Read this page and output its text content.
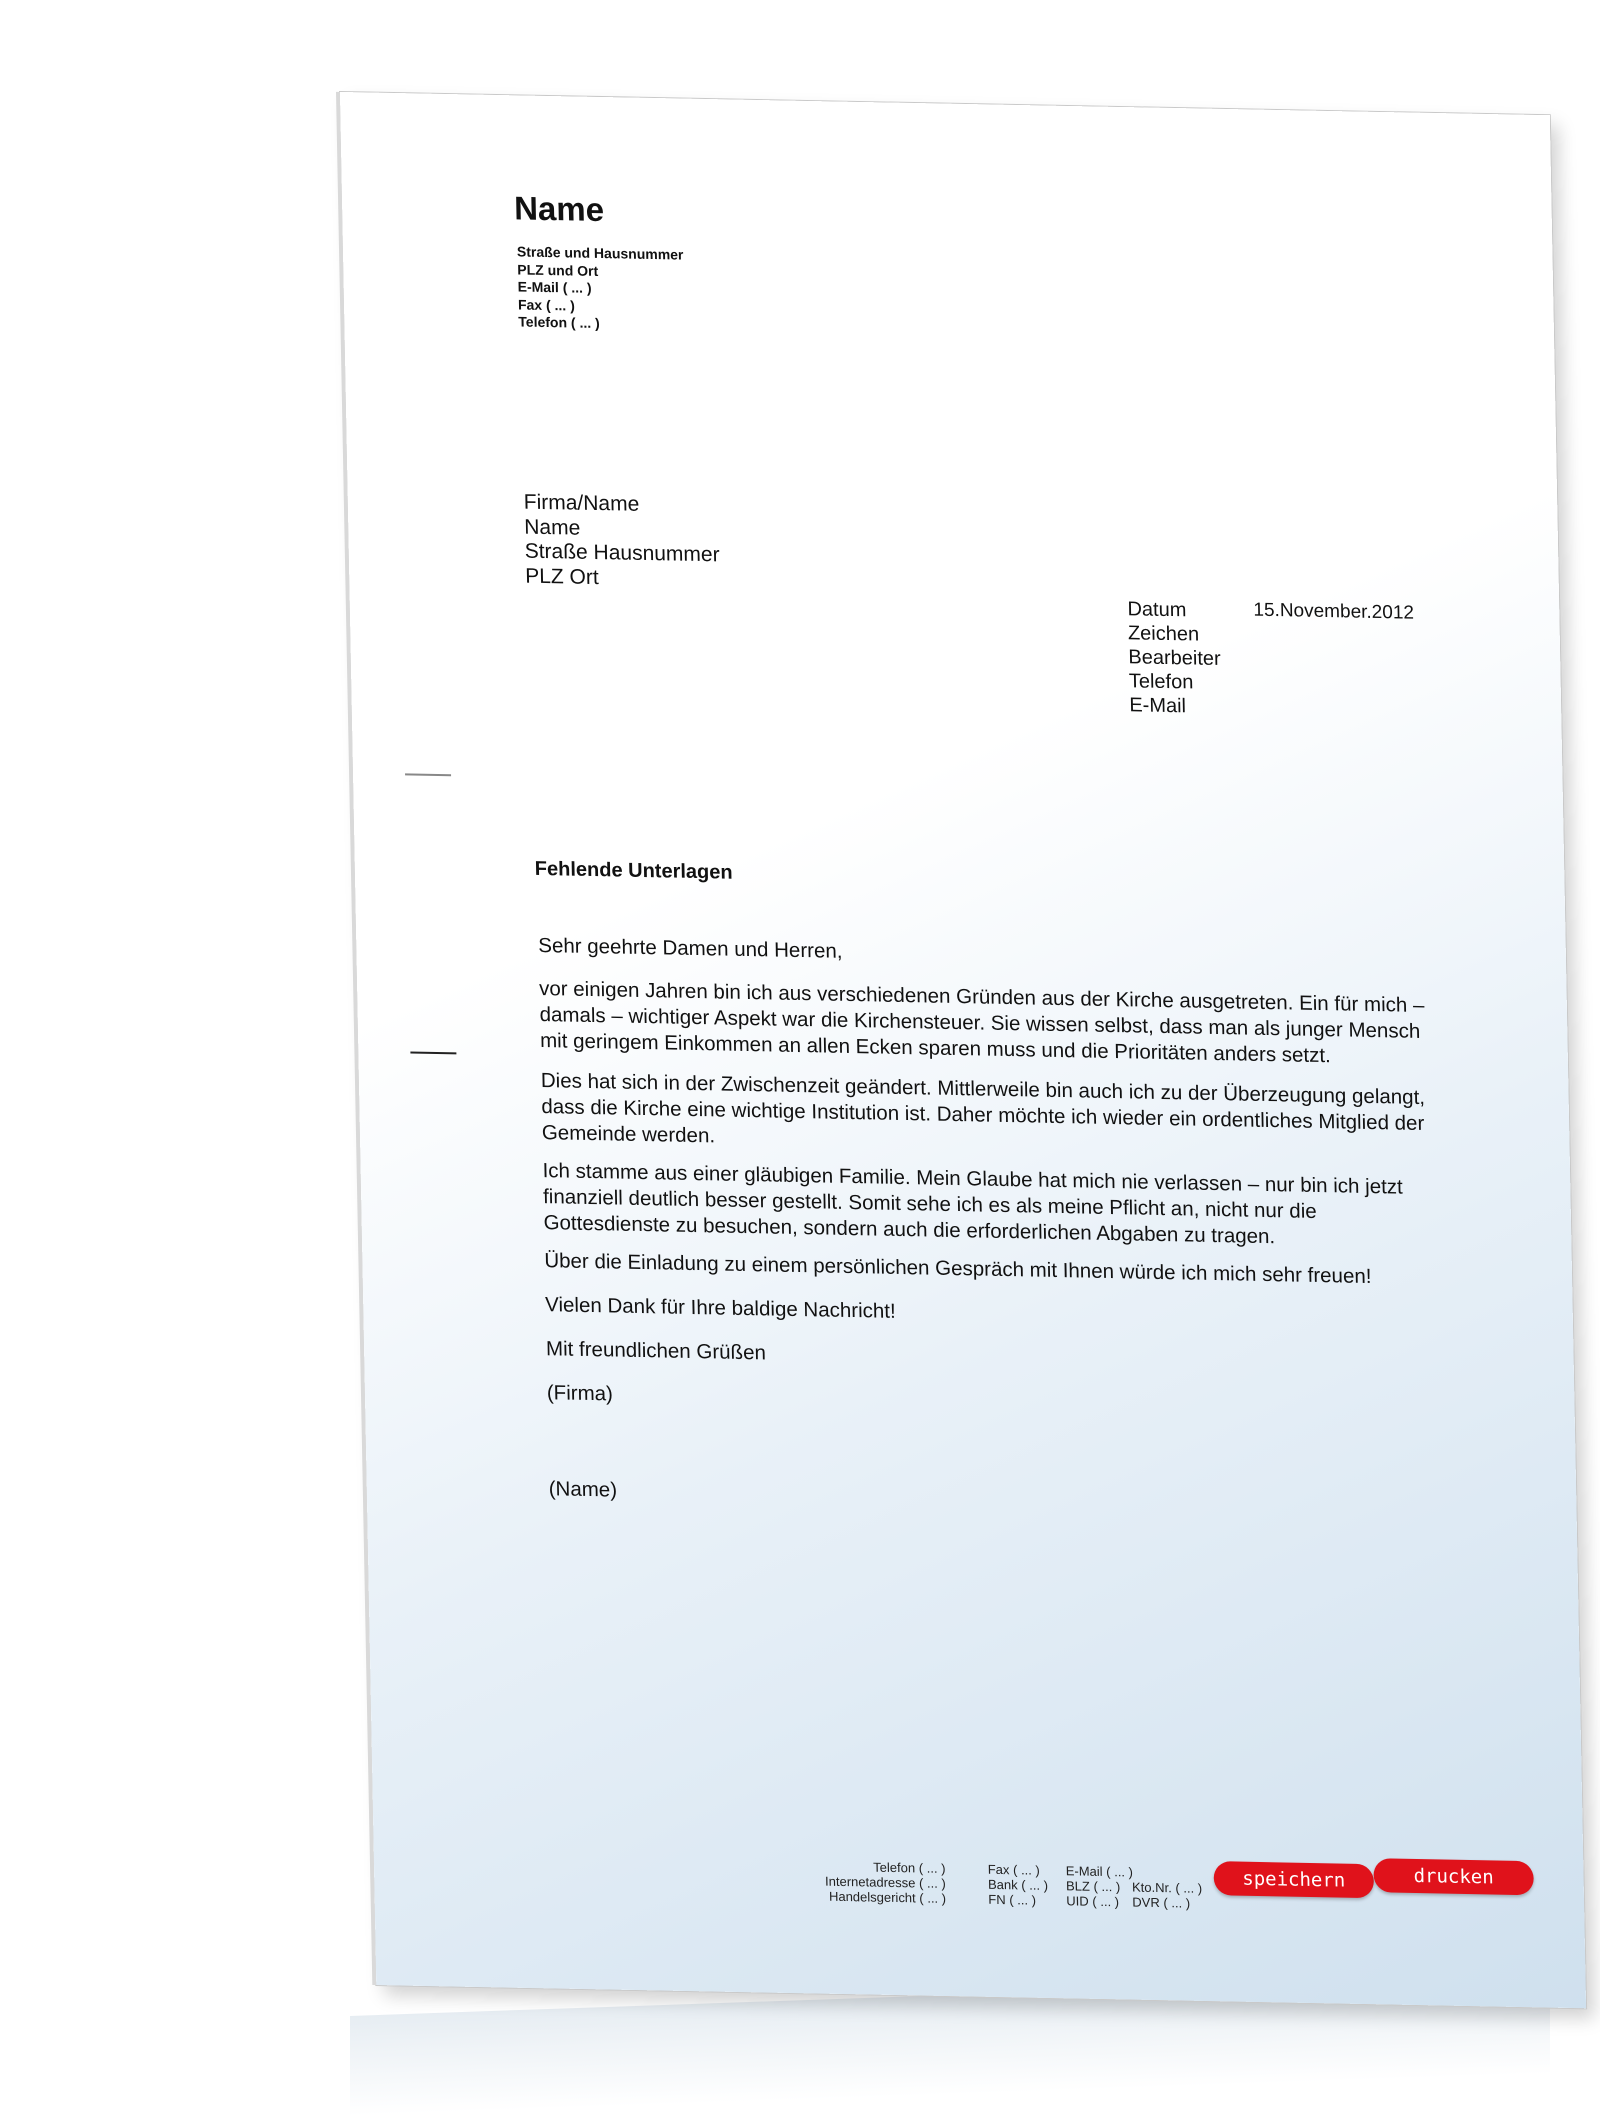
Name
Straße und Hausnummer
PLZ und Ort
E-Mail ( ... )
Fax ( ... )
Telefon ( ... )
Firma/Name
Name
Straße Hausnummer
PLZ Ort
Datum
Zeichen
Bearbeiter
Telefon
E-Mail
15.November.2012
Fehlende Unterlagen
Sehr geehrte Damen und Herren,
vor einigen Jahren bin ich aus verschiedenen Gründen aus der Kirche ausgetreten. Ein für mich – damals – wichtiger Aspekt war die Kirchensteuer. Sie wissen selbst, dass man als junger Mensch mit geringem Einkommen an allen Ecken sparen muss und die Prioritäten anders setzt.
Dies hat sich in der Zwischenzeit geändert. Mittlerweile bin auch ich zu der Überzeugung gelangt, dass die Kirche eine wichtige Institution ist. Daher möchte ich wieder ein ordentliches Mitglied der Gemeinde werden.
Ich stamme aus einer gläubigen Familie. Mein Glaube hat mich nie verlassen – nur bin ich jetzt finanziell deutlich besser gestellt. Somit sehe ich es als meine Pflicht an, nicht nur die Gottesdienste zu besuchen, sondern auch die erforderlichen Abgaben zu tragen.
Über die Einladung zu einem persönlichen Gespräch mit Ihnen würde ich mich sehr freuen!
Vielen Dank für Ihre baldige Nachricht!
Mit freundlichen Grüßen
(Firma)
(Name)
Telefon ( ... )
Internetadresse ( ... )
Handelsgericht ( ... )
Fax ( ... )
Bank ( ... )
FN ( ... )
E-Mail ( ... )
BLZ ( ... )
UID ( ... )

Kto.Nr. ( ... )
DVR ( ... )
speichern	drucken
